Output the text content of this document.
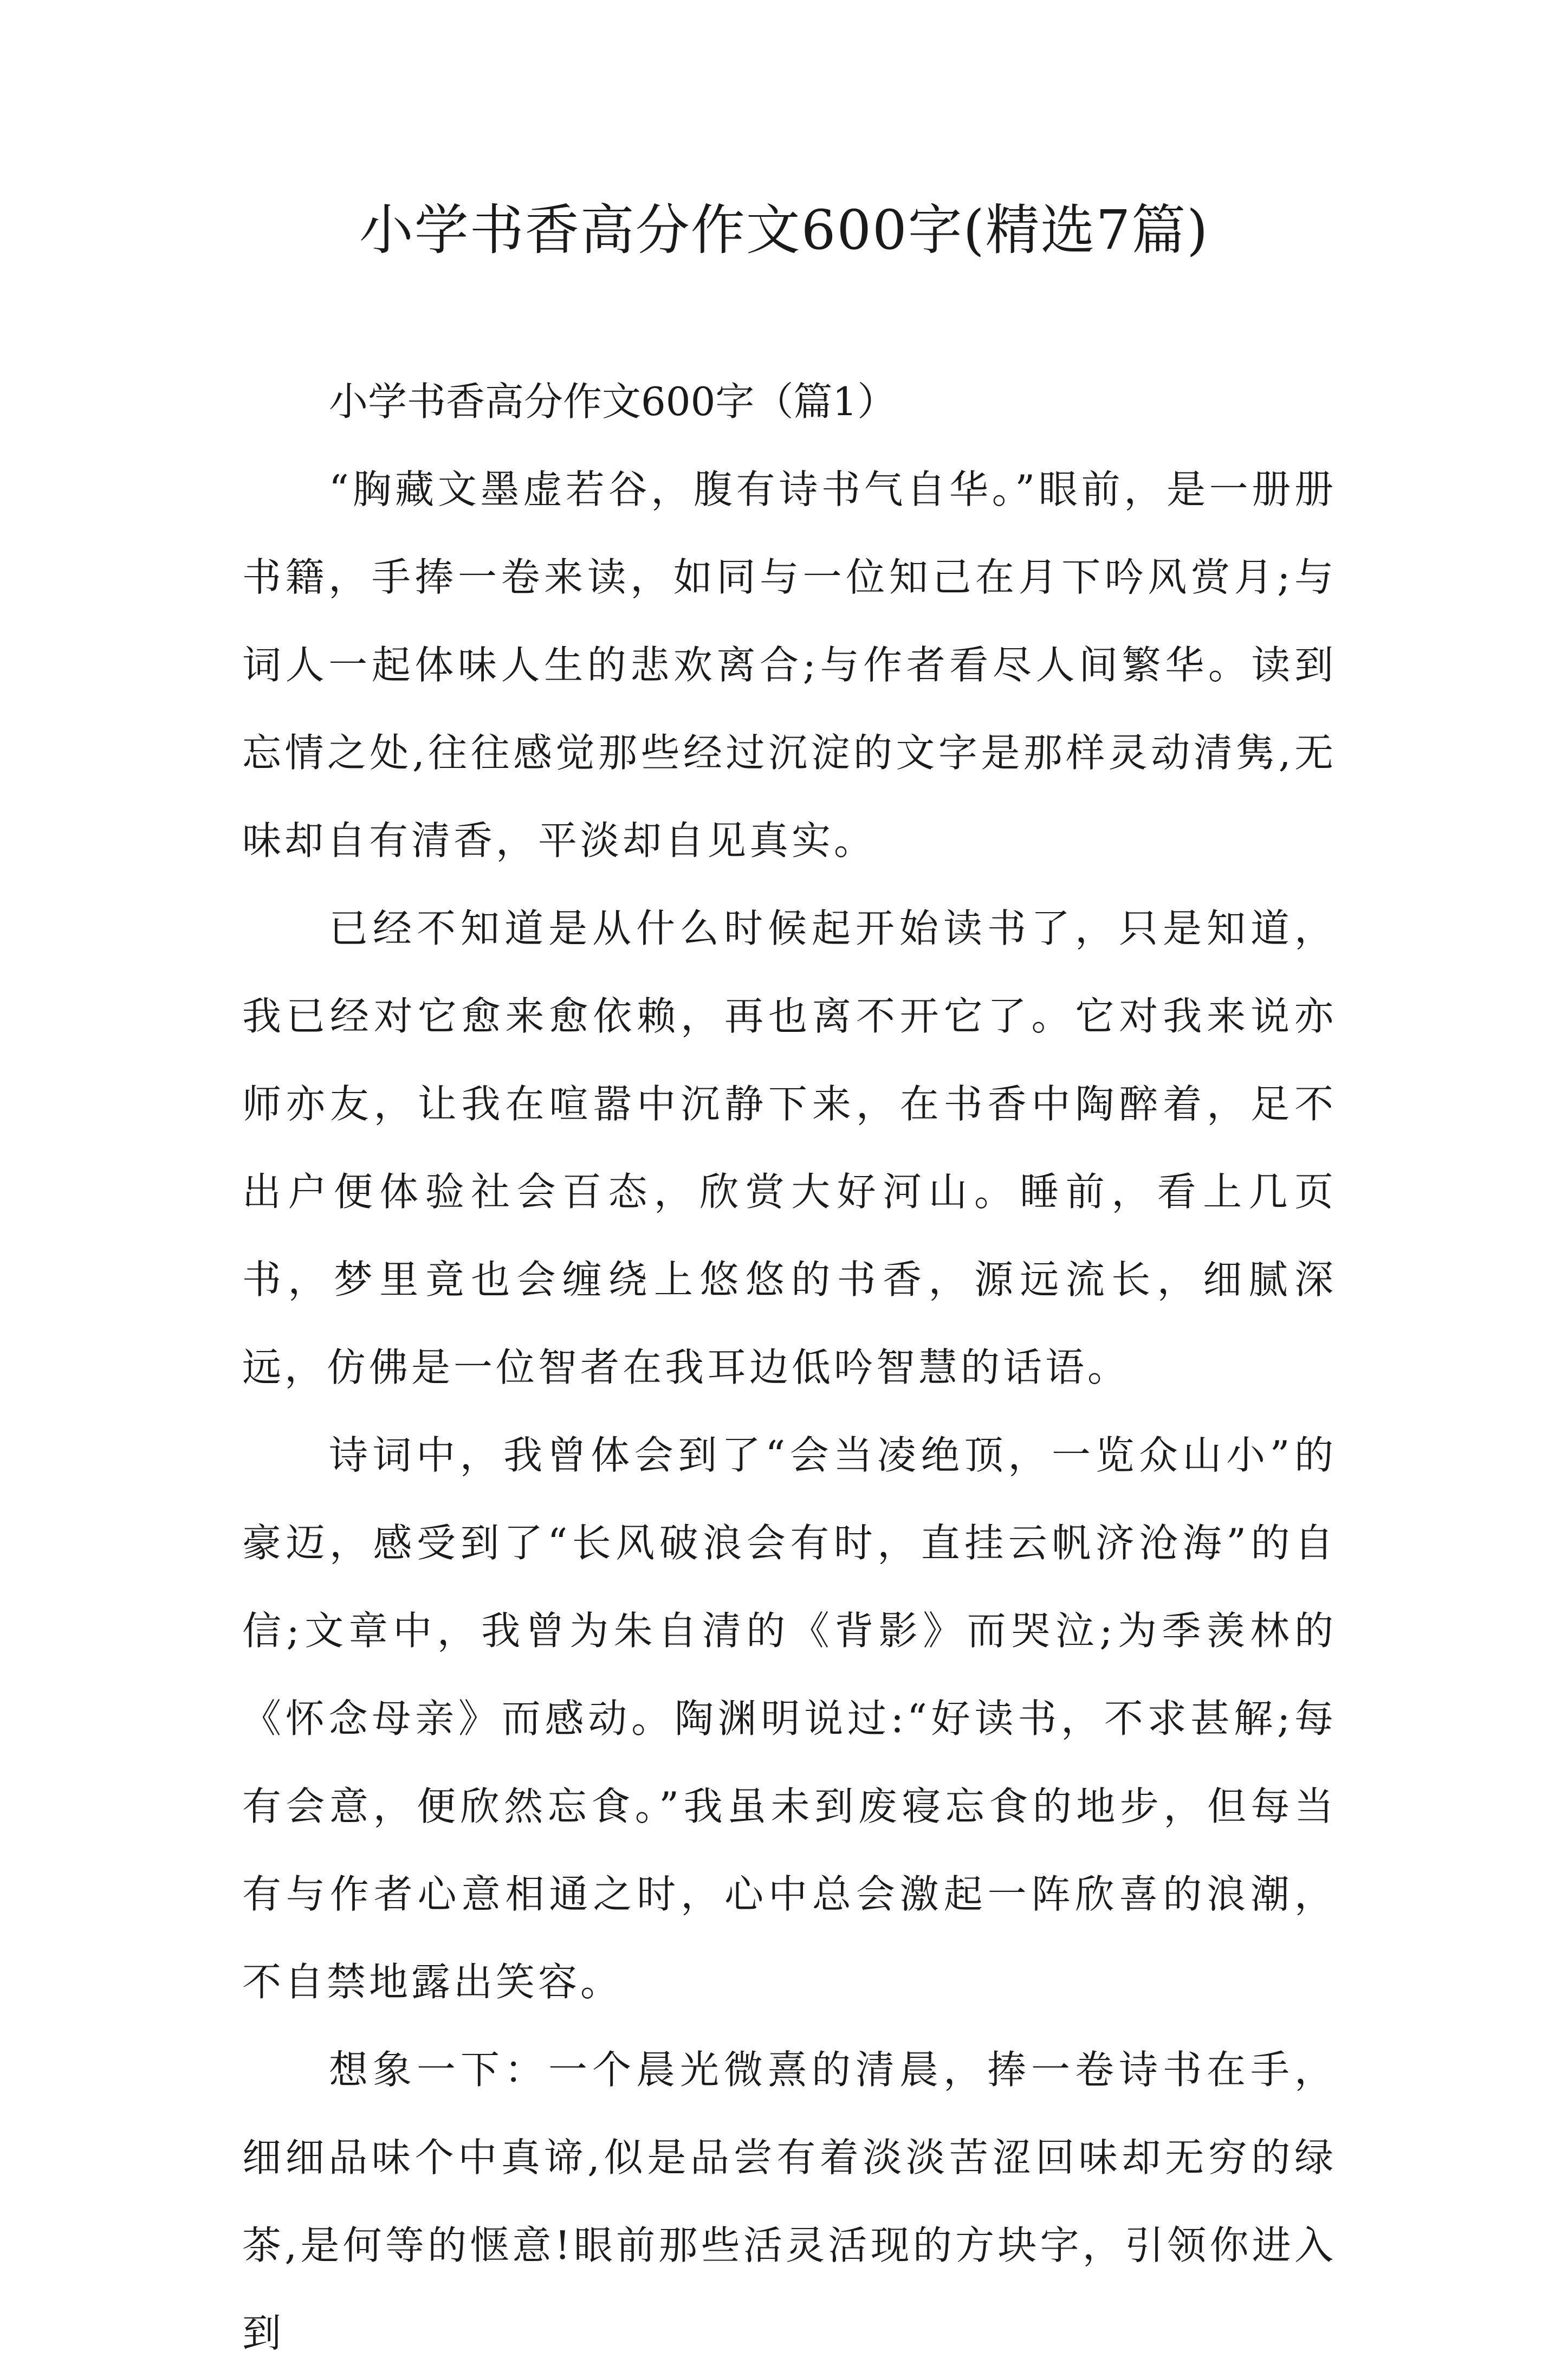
小学书香高分作文600字(精选7篇)

小学书香高分作文600字（篇1）

“胸藏文墨虚若谷，腹有诗书气自华。”眼前，是一册册书籍，手捧一卷来读，如同与一位知己在月下吟风赏月;与词人一起体味人生的悲欢离合;与作者看尽人间繁华。读到忘情之处,往往感觉那些经过沉淀的文字是那样灵动清隽,无味却自有清香，平淡却自见真实。

已经不知道是从什么时候起开始读书了，只是知道，我已经对它愈来愈依赖，再也离不开它了。它对我来说亦师亦友，让我在喧嚣中沉静下来，在书香中陶醉着，足不出户便体验社会百态，欣赏大好河山。睡前，看上几页书，梦里竟也会缠绕上悠悠的书香，源远流长，细腻深远，仿佛是一位智者在我耳边低吟智慧的话语。

诗词中，我曾体会到了“会当凌绝顶，一览众山小”的豪迈，感受到了“长风破浪会有时，直挂云帆济沧海”的自信;文章中，我曾为朱自清的《背影》而哭泣;为季羡林的《怀念母亲》而感动。陶渊明说过:“好读书，不求甚解;每有会意，便欣然忘食。”我虽未到废寝忘食的地步，但每当有与作者心意相通之时，心中总会激起一阵欣喜的浪潮，不自禁地露出笑容。

想象一下：一个晨光微熹的清晨，捧一卷诗书在手，细细品味个中真谛,似是品尝有着淡淡苦涩回味却无穷的绿茶,是何等的惬意!眼前那些活灵活现的方块字，引领你进入到
